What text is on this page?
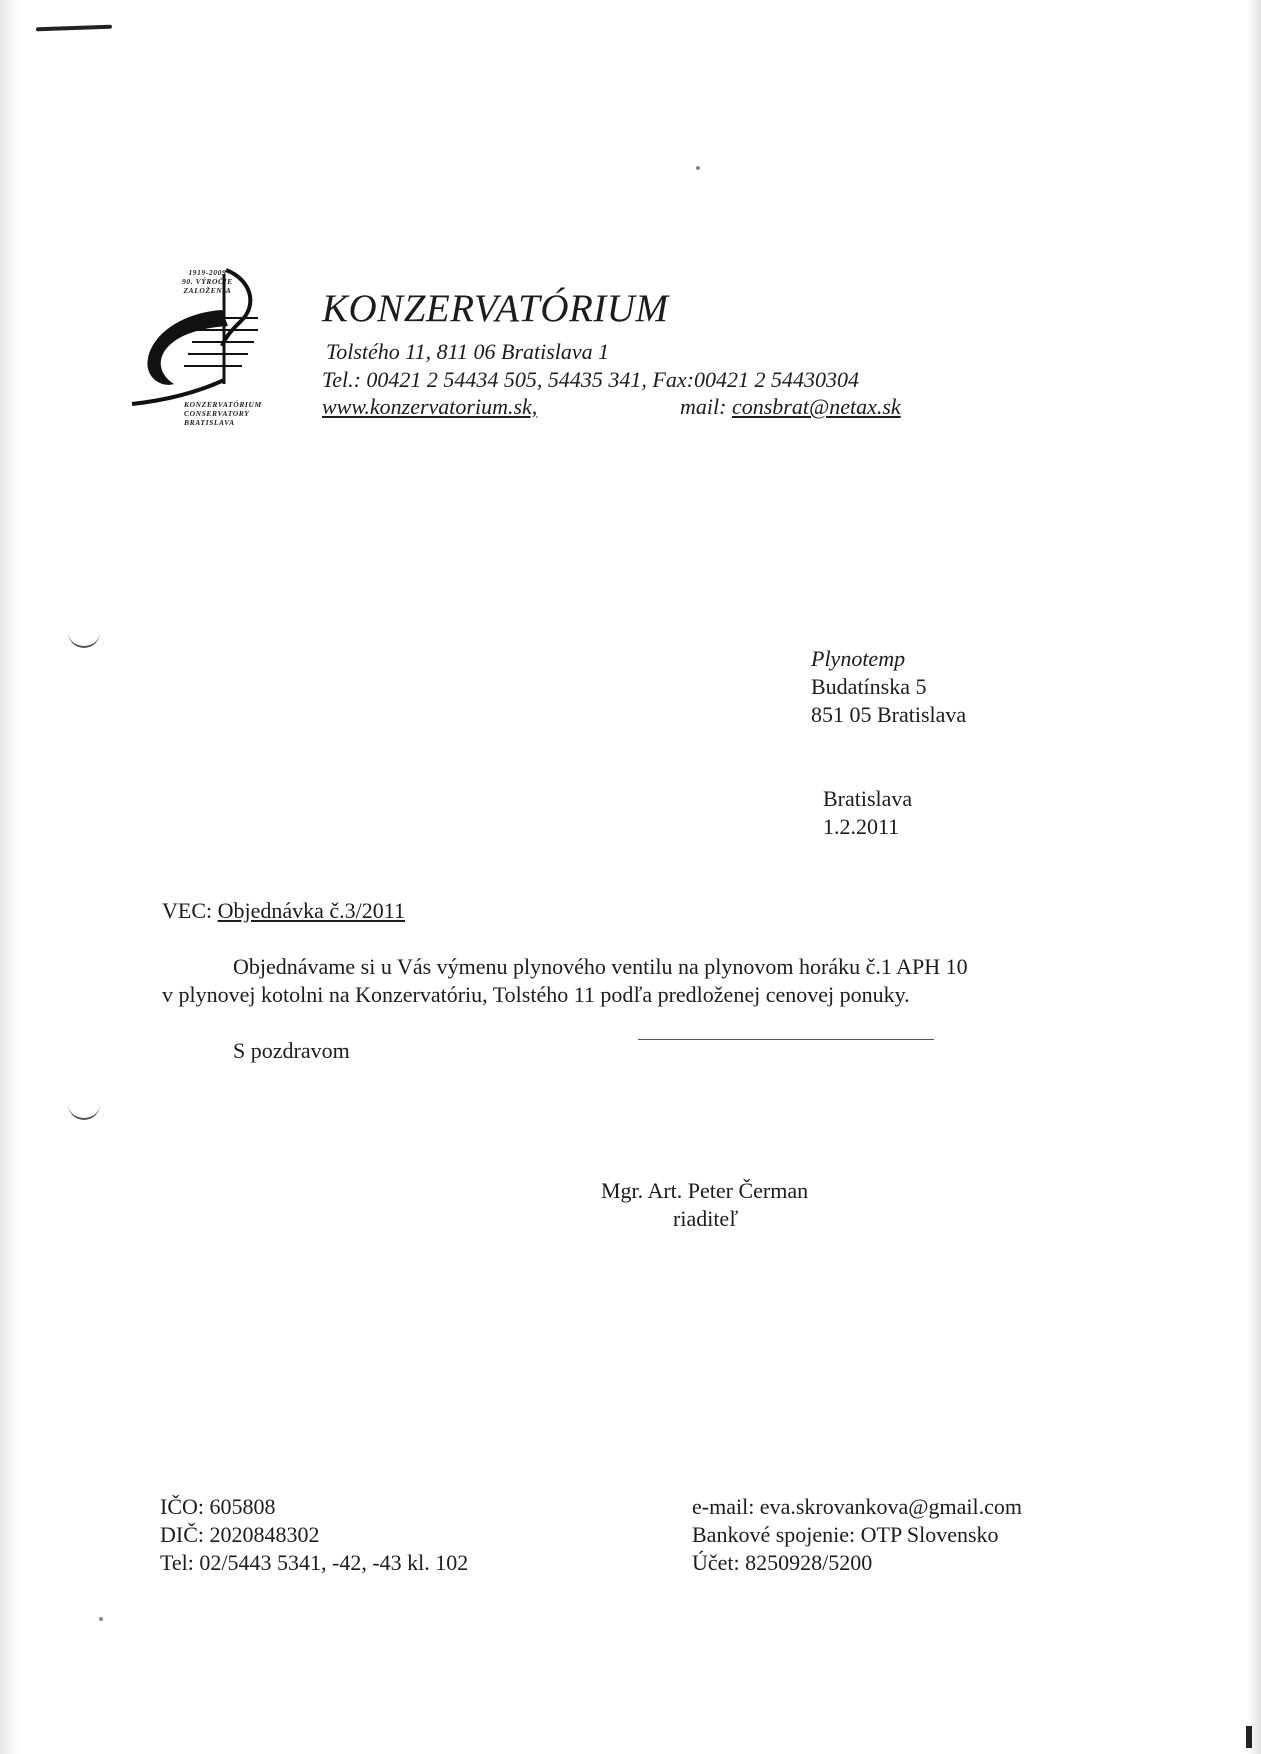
1919-2009
90. VÝROČIE
ZALOŽENIA
KONZERVATÓRIUM
CONSERVATORY
BRATISLAVA
KONZERVATÓRIUM
Tolstého 11, 811 06 Bratislava 1
Tel.: 00421 2 54434 505, 54435 341, Fax:00421 2 54430304
www.konzervatorium.sk,	mail: consbrat@netax.sk
Plynotemp
Budatínska 5
851 05 Bratislava
Bratislava
1.2.2011
VEC: Objednávka č.3/2011
Objednávame si u Vás výmenu plynového ventilu na plynovom horáku č.1 APH 10
v plynovej kotolni na Konzervatóriu, Tolstého 11 podľa predloženej cenovej ponuky.
S pozdravom
Mgr. Art. Peter Čerman
riaditeľ
IČO: 605808
DIČ: 2020848302
Tel: 02/5443 5341, -42, -43 kl. 102
e-mail: eva.skrovankova@gmail.com
Bankové spojenie: OTP Slovensko
Účet: 8250928/5200
